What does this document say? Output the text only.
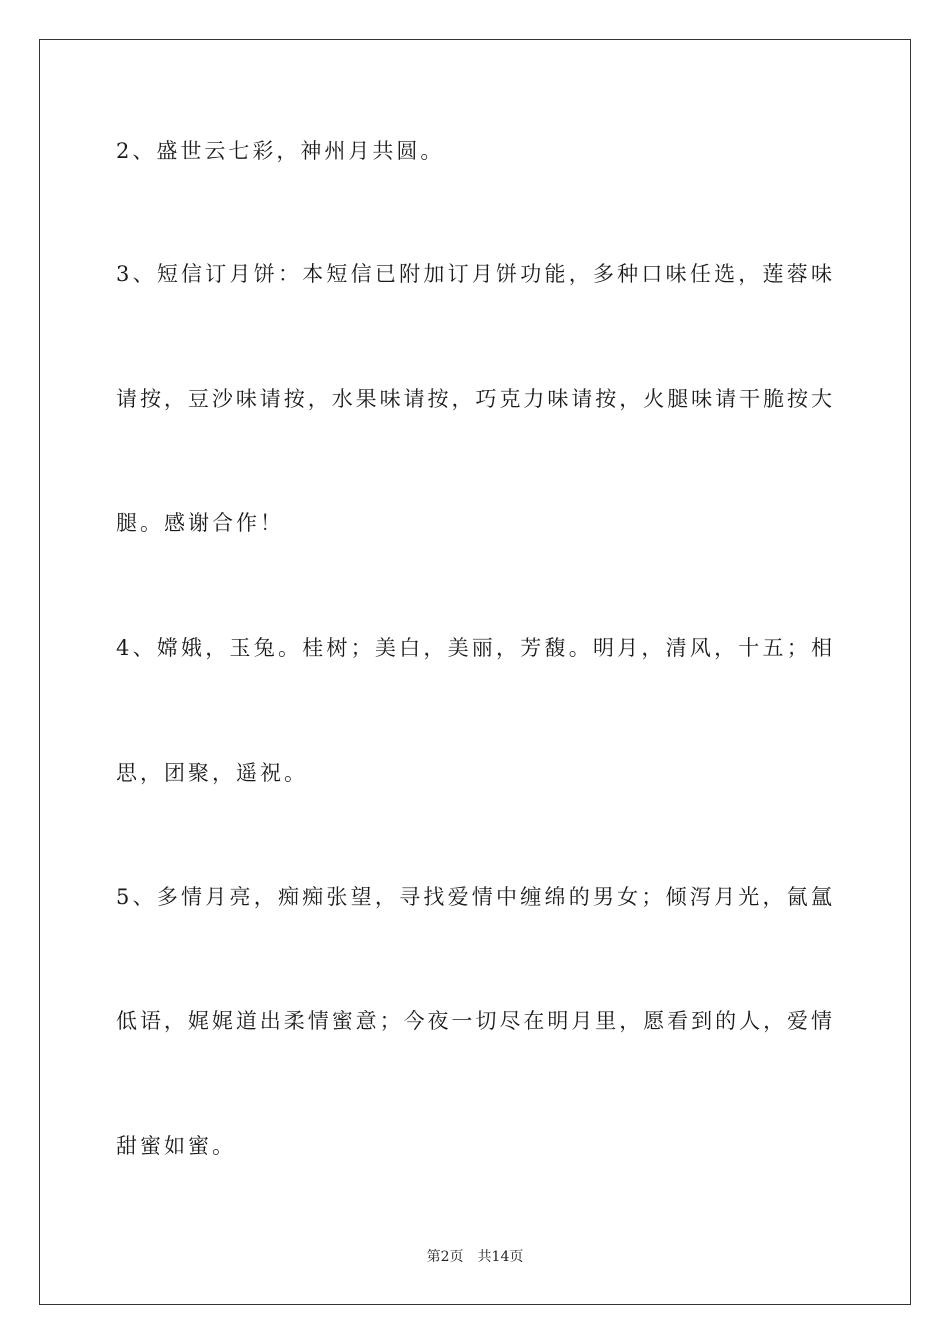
2、盛世云七彩，神州月共圆。
3、短信订月饼：本短信已附加订月饼功能，多种口味任选，莲蓉味
请按，豆沙味请按，水果味请按，巧克力味请按，火腿味请干脆按大
腿。感谢合作！
4、嫦娥，玉兔。桂树；美白，美丽，芳馥。明月，清风，十五；相
思，团聚，遥祝。
5、多情月亮，痴痴张望，寻找爱情中缠绵的男女；倾泻月光，氤氲
低语，娓娓道出柔情蜜意；今夜一切尽在明月里，愿看到的人，爱情
甜蜜如蜜。
第2页 共14页
